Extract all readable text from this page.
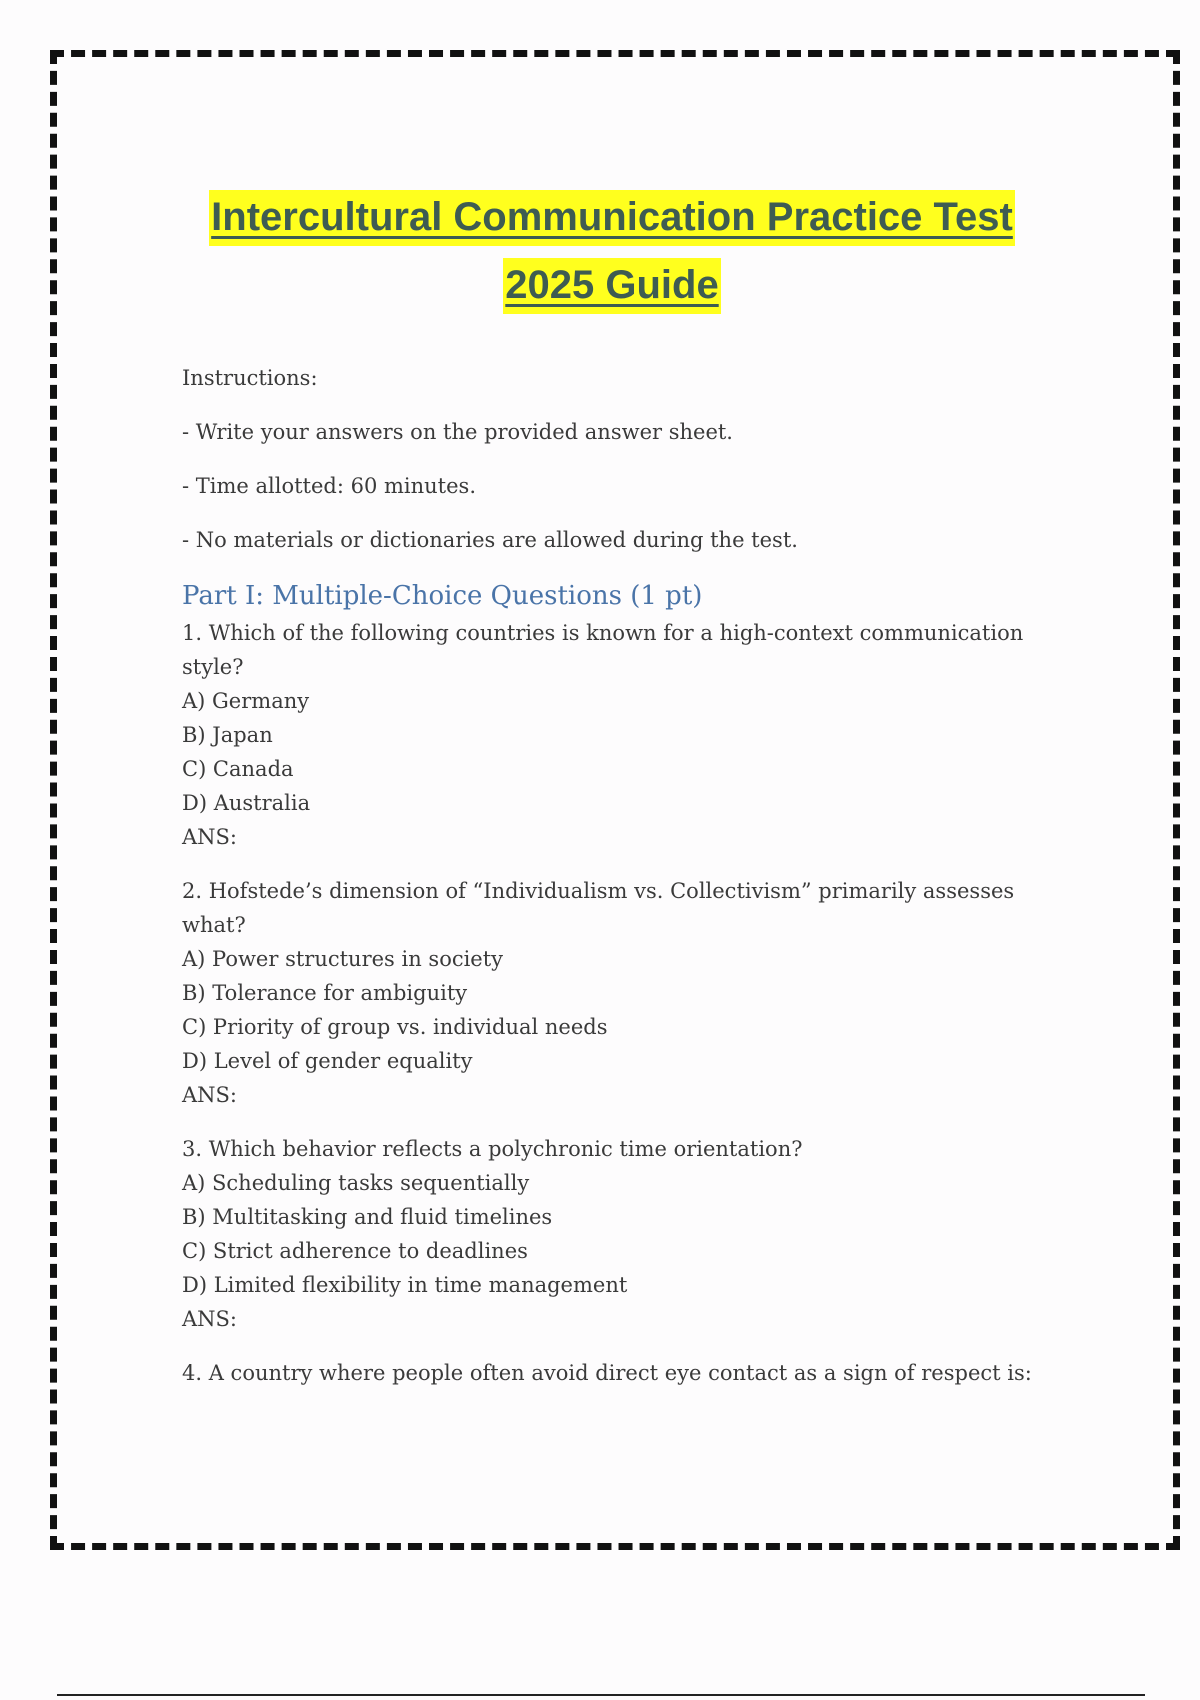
Intercultural Communication Practice Test
2025 Guide

Instructions:

- Write your answers on the provided answer sheet.

- Time allotted: 60 minutes.

- No materials or dictionaries are allowed during the test.

Part I: Multiple-Choice Questions (1 pt)

1. Which of the following countries is known for a high-context communication style?

A) Germany

B) Japan

C) Canada

D) Australia

ANS:

2. Hofstede’s dimension of “Individualism vs. Collectivism” primarily assesses what?

A) Power structures in society

B) Tolerance for ambiguity

C) Priority of group vs. individual needs

D) Level of gender equality

ANS:

3. Which behavior reflects a polychronic time orientation?

A) Scheduling tasks sequentially

B) Multitasking and fluid timelines

C) Strict adherence to deadlines

D) Limited flexibility in time management

ANS:

4. A country where people often avoid direct eye contact as a sign of respect is:
